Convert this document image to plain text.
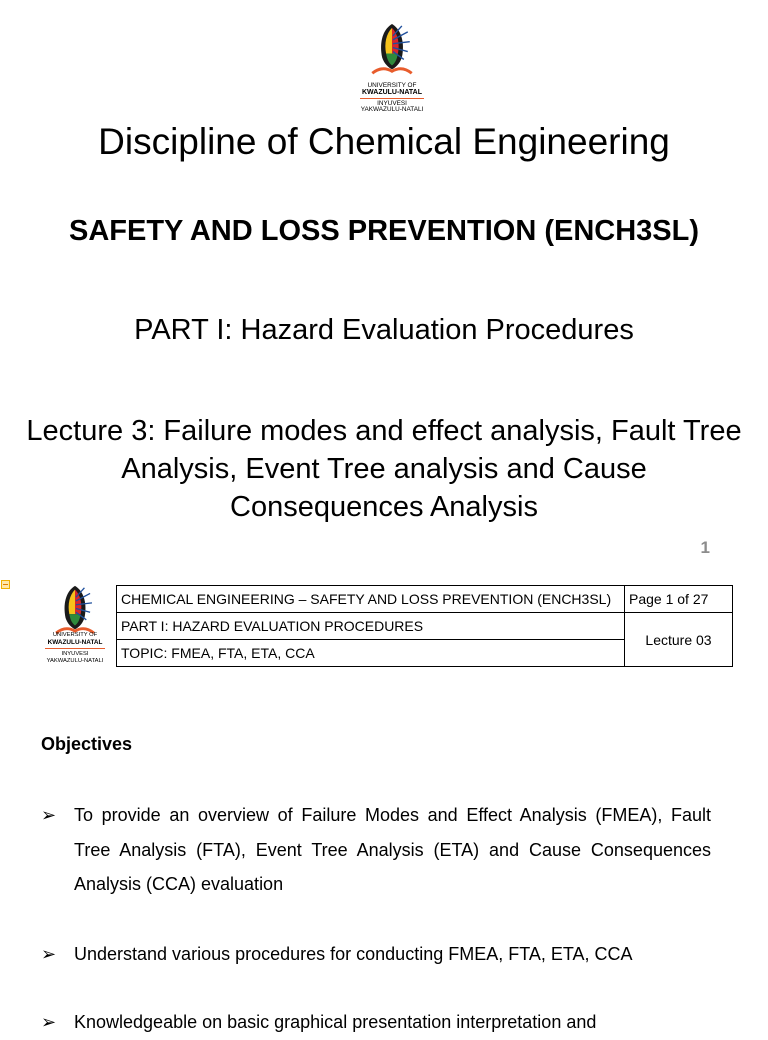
UNIVERSITY OF
KWAZULU-NATAL
INYUVESI
YAKWAZULU-NATALI
Discipline of Chemical Engineering
SAFETY AND LOSS PREVENTION (ENCH3SL)
PART I: Hazard Evaluation Procedures
Lecture 3: Failure modes and effect analysis, Fault Tree Analysis, Event Tree analysis and Cause Consequences Analysis
1
UNIVERSITY OF
KWAZULU-NATAL
INYUVESI
YAKWAZULU-NATALI
CHEMICAL ENGINEERING – SAFETY AND LOSS PREVENTION (ENCH3SL)	Page 1 of 27
PART I: HAZARD EVALUATION PROCEDURES	Lecture 03
TOPIC: FMEA, FTA, ETA, CCA	
Objectives
➢ To provide an overview of Failure Modes and Effect Analysis (FMEA), Fault Tree Analysis (FTA), Event Tree Analysis (ETA) and Cause Consequences Analysis (CCA) evaluation
➢ Understand various procedures for conducting FMEA, FTA, ETA, CCA
➢ Knowledgeable on basic graphical presentation interpretation and
